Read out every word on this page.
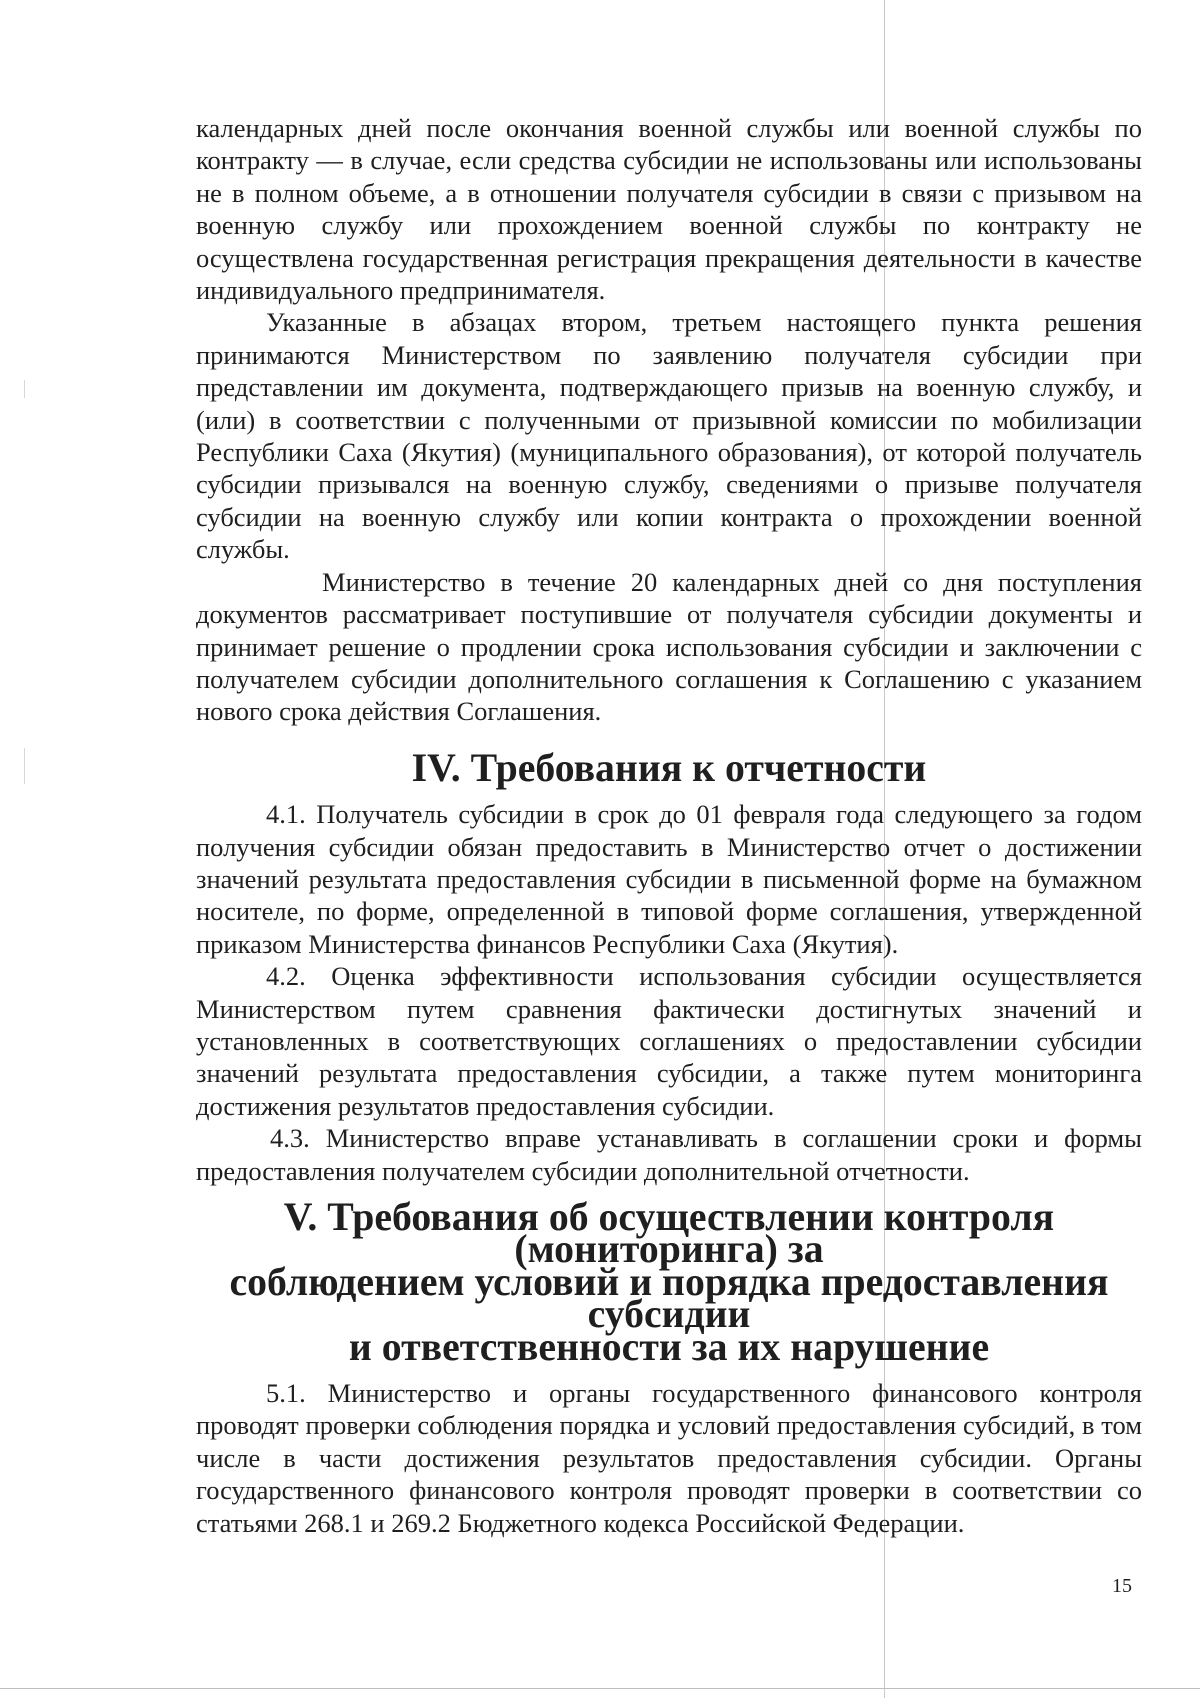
календарных дней после окончания военной службы или военной службы по контракту — в случае, если средства субсидии не использованы или использованы не в полном объеме, а в отношении получателя субсидии в связи с призывом на военную службу или прохождением военной службы по контракту не осуществлена государственная регистрация прекращения деятельности в качестве индивидуального предпринимателя.

Указанные в абзацах втором, третьем настоящего пункта решения принимаются Министерством по заявлению получателя субсидии при представлении им документа, подтверждающего призыв на военную службу, и (или) в соответствии с полученными от призывной комиссии по мобилизации Республики Саха (Якутия) (муниципального образования), от которой получатель субсидии призывался на военную службу, сведениями о призыве получателя субсидии на военную службу или копии контракта о прохождении военной службы.

Министерство в течение 20 календарных дней со дня поступления документов рассматривает поступившие от получателя субсидии документы и принимает решение о продлении срока использования субсидии и заключении с получателем субсидии дополнительного соглашения к Соглашению с указанием нового срока действия Соглашения.

IV. Требования к отчетности

4.1. Получатель субсидии в срок до 01 февраля года следующего за годом получения субсидии обязан предоставить в Министерство отчет о достижении значений результата предоставления субсидии в письменной форме на бумажном носителе, по форме, определенной в типовой форме соглашения, утвержденной приказом Министерства финансов Республики Саха (Якутия).

4.2. Оценка эффективности использования субсидии осуществляется Министерством путем сравнения фактически достигнутых значений и установленных в соответствующих соглашениях о предоставлении субсидии значений результата предоставления субсидии, а также путем мониторинга достижения результатов предоставления субсидии.

4.3. Министерство вправе устанавливать в соглашении сроки и формы предоставления получателем субсидии дополнительной отчетности.

V. Требования об осуществлении контроля (мониторинга) за
соблюдением условий и порядка предоставления субсидии
и ответственности за их нарушение

5.1. Министерство и органы государственного финансового контроля проводят проверки соблюдения порядка и условий предоставления субсидий, в том числе в части достижения результатов предоставления субсидии. Органы государственного финансового контроля проводят проверки в соответствии со статьями 268.1 и 269.2 Бюджетного кодекса Российской Федерации.

15
